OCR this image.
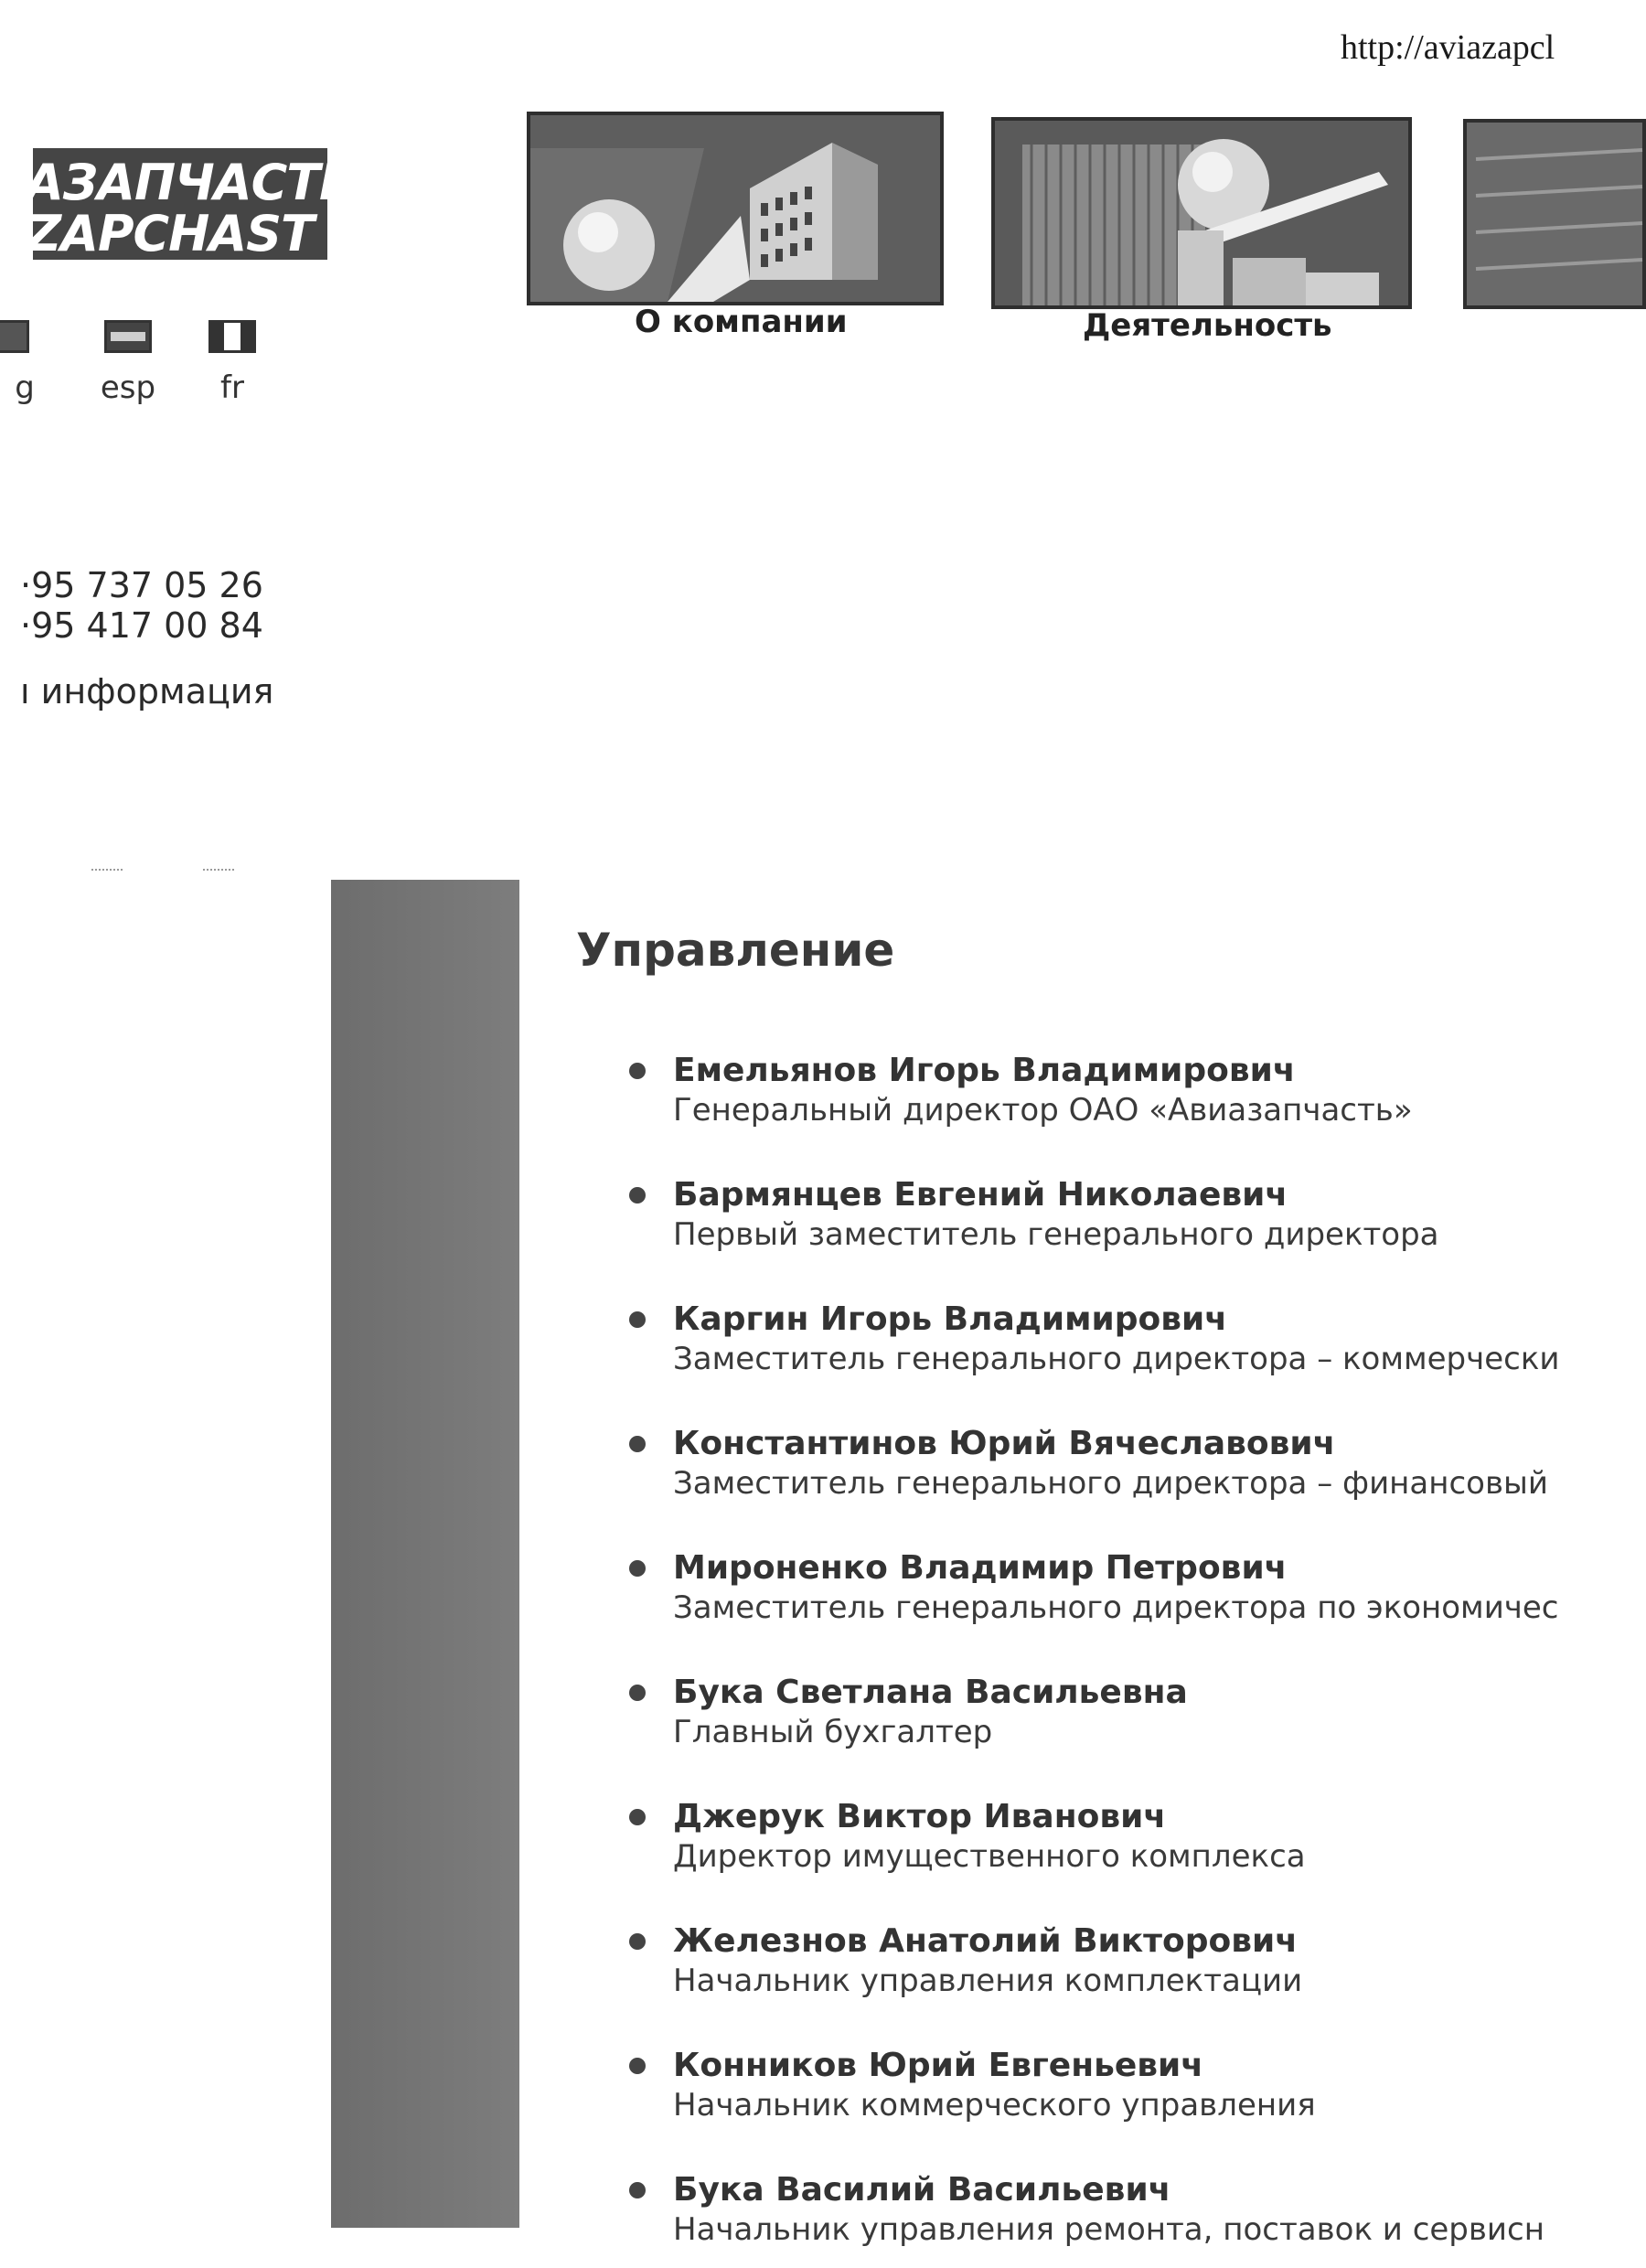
http://aviazapcl
АЗАПЧАСТЬ
ZAPCHAST
g	esp	fr
·95 737 05 26
·95 417 00 84
ı информация
О компании	Деятельность
Управление
Емельянов Игорь Владимирович
Генеральный директор ОАО «Авиазапчасть»
Бармянцев Евгений Николаевич
Первый заместитель генерального директора
Каргин Игорь Владимирович
Заместитель генерального директора – коммерчески
Константинов Юрий Вячеславович
Заместитель генерального директора – финансовый
Мироненко Владимир Петрович
Заместитель генерального директора по экономичес
Бука Светлана Васильевна
Главный бухгалтер
Джерук Виктор Иванович
Директор имущественного комплекса
Железнов Анатолий Викторович
Начальник управления комплектации
Конников Юрий Евгеньевич
Начальник коммерческого управления
Бука Василий Васильевич
Начальник управления ремонта, поставок и сервисн
